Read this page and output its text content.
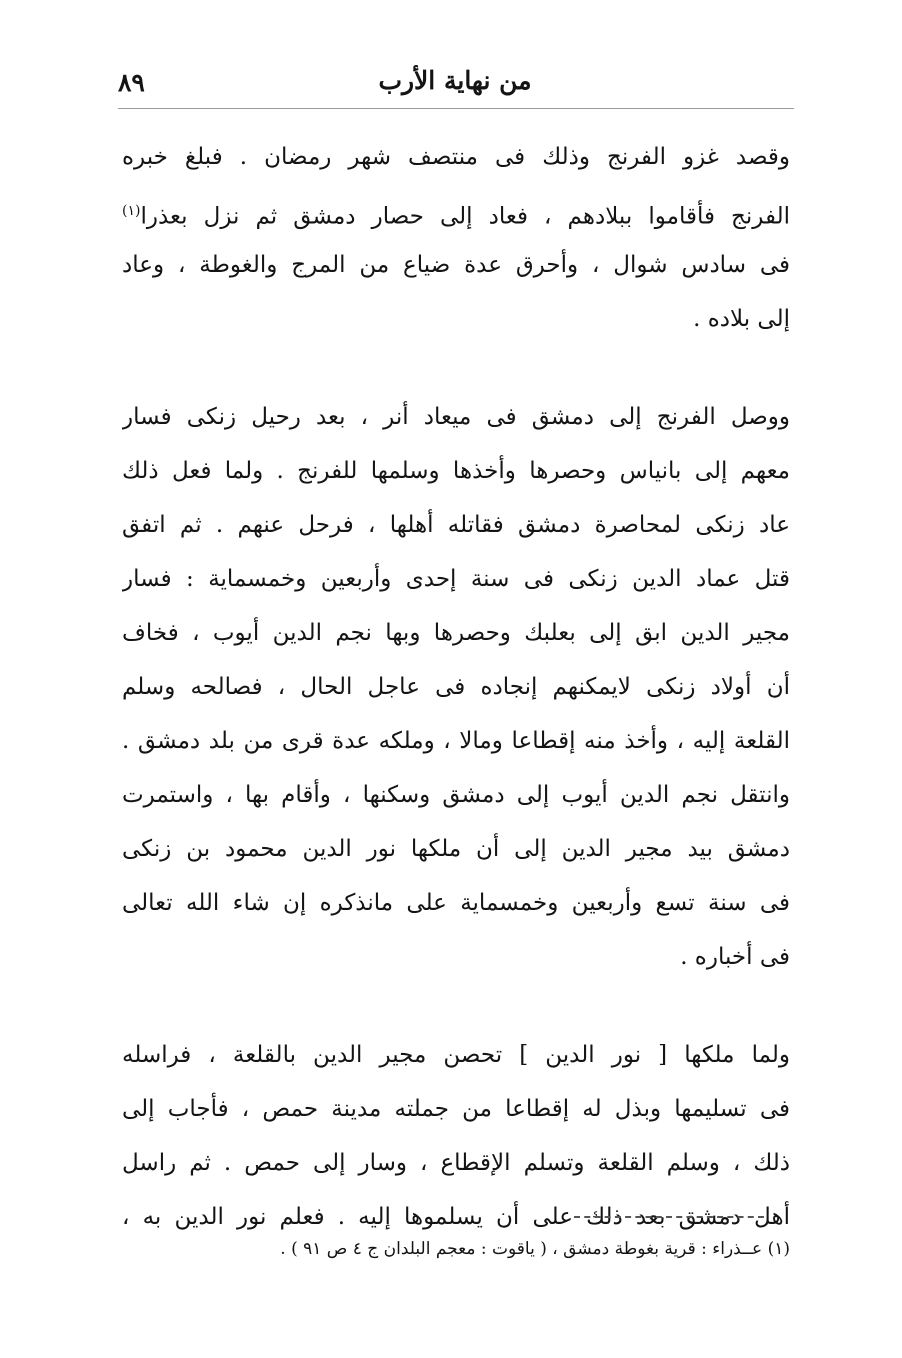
٨٩	من نهاية الأرب
وقصد غزو الفرنج وذلك فى منتصف شهر رمضان . فبلغ خبره
الفرنج فأقاموا ببلادهم ، فعاد إلى حصار دمشق ثم نزل بعذرا$^{(١)}$
فى سادس شوال ، وأحرق عدة ضياع من المرج والغوطة ، وعاد
إلى بلاده .
ووصل الفرنج إلى دمشق فى ميعاد أنر ، بعد رحيل زنكى فسار
معهم إلى بانياس وحصرها وأخذها وسلمها للفرنج . ولما فعل ذلك
عاد زنكى لمحاصرة دمشق فقاتله أهلها ، فرحل عنهم . ثم اتفق
قتل عماد الدين زنكى فى سنة إحدى وأربعين وخمسماية : فسار
مجير الدين ابق إلى بعلبك وحصرها وبها نجم الدين أيوب ، فخاف
أن أولاد زنكى لايمكنهم إنجاده فى عاجل الحال ، فصالحه وسلم
القلعة إليه ، وأخذ منه إقطاعا ومالا ، وملكه عدة قرى من بلد دمشق .
وانتقل نجم الدين أيوب إلى دمشق وسكنها ، وأقام بها ، واستمرت
دمشق بيد مجير الدين إلى أن ملكها نور الدين محمود بن زنكى
فى سنة تسع وأربعين وخمسماية على مانذكره إن شاء الله تعالى
فى أخباره .
ولما ملكها [ نور الدين ] تحصن مجير الدين بالقلعة ، فراسله
فى تسليمها وبذل له إقطاعا من جملته مدينة حمص ، فأجاب إلى
ذلك ، وسلم القلعة وتسلم الإقطاع ، وسار إلى حمص . ثم راسل
أهل دمشق بعد ذلك على أن يسلموها إليه . فعلم نور الدين به ،
(١) عــذراء : قرية بغوطة دمشق ، ( ياقوت : معجم البلدان ج ٤ ص ٩١ ) .
